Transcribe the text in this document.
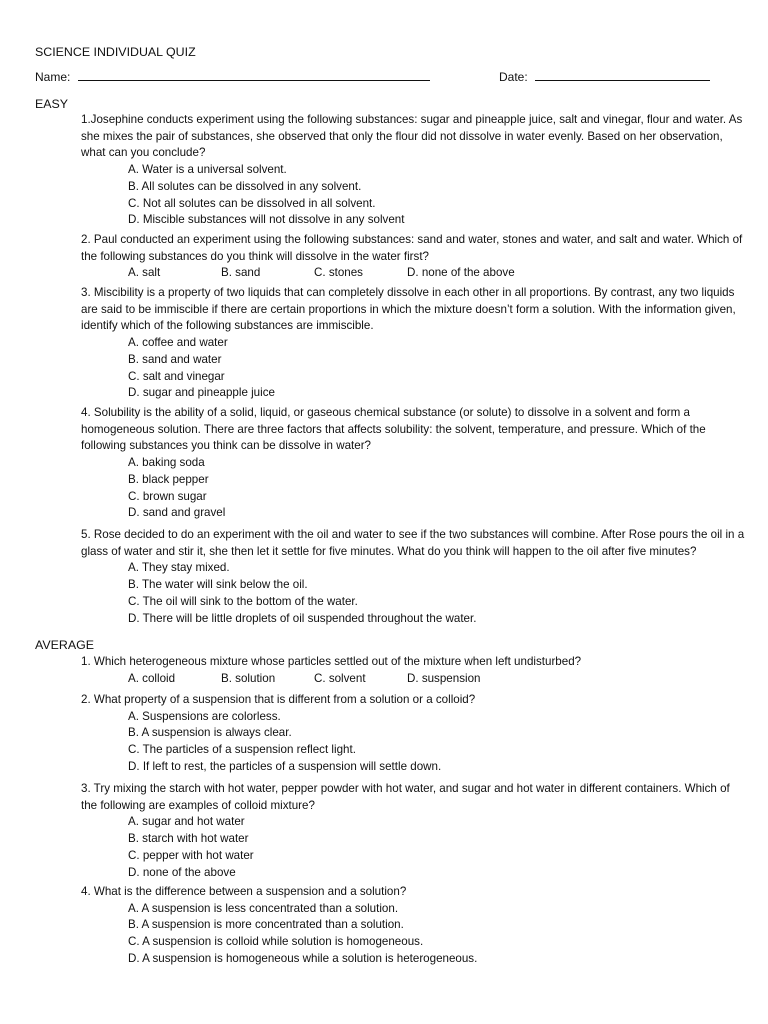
SCIENCE INDIVIDUAL QUIZ
Name:	Date:
EASY

1.Josephine conducts experiment using the following substances: sugar and pineapple juice, salt and vinegar, flour and water. As she mixes the pair of substances, she observed that only the flour did not dissolve in water evenly. Based on her observation, what can you conclude?

A. Water is a universal solvent.
B. All solutes can be dissolved in any solvent.
C. Not all solutes can be dissolved in all solvent.
D. Miscible substances will not dissolve in any solvent

2. Paul conducted an experiment using the following substances: sand and water, stones and water, and salt and water. Which of the following substances do you think will dissolve in the water first?

A. salt	B. sand	C. stones	D. none of the above

3. Miscibility is a property of two liquids that can completely dissolve in each other in all proportions. By contrast, any two liquids are said to be immiscible if there are certain proportions in which the mixture doesn’t form a solution. With the information given, identify which of the following substances are immiscible.

A. coffee and water
B. sand and water
C. salt and vinegar
D. sugar and pineapple juice

4. Solubility is the ability of a solid, liquid, or gaseous chemical substance (or solute) to dissolve in a solvent and form a homogeneous solution. There are three factors that affects solubility: the solvent, temperature, and pressure. Which of the following substances you think can be dissolve in water?

A. baking soda
B. black pepper
C. brown sugar
D. sand and gravel

5. Rose decided to do an experiment with the oil and water to see if the two substances will combine. After Rose pours the oil in a glass of water and stir it, she then let it settle for five minutes. What do you think will happen to the oil after five minutes?

A. They stay mixed.
B. The water will sink below the oil.
C. The oil will sink to the bottom of the water.
D. There will be little droplets of oil suspended throughout the water.
AVERAGE

1. Which heterogeneous mixture whose particles settled out of the mixture when left undisturbed?

A. colloid	B. solution	C. solvent	D. suspension

2. What property of a suspension that is different from a solution or a colloid?

A. Suspensions are colorless.
B. A suspension is always clear.
C. The particles of a suspension reflect light.
D. If left to rest, the particles of a suspension will settle down.

3. Try mixing the starch with hot water, pepper powder with hot water, and sugar and hot water in different containers. Which of the following are examples of colloid mixture?

A. sugar and hot water
B. starch with hot water
C. pepper with hot water
D. none of the above

4. What is the difference between a suspension and a solution?

A. A suspension is less concentrated than a solution.
B. A suspension is more concentrated than a solution.
C. A suspension is colloid while solution is homogeneous.
D. A suspension is homogeneous while a solution is heterogeneous.
